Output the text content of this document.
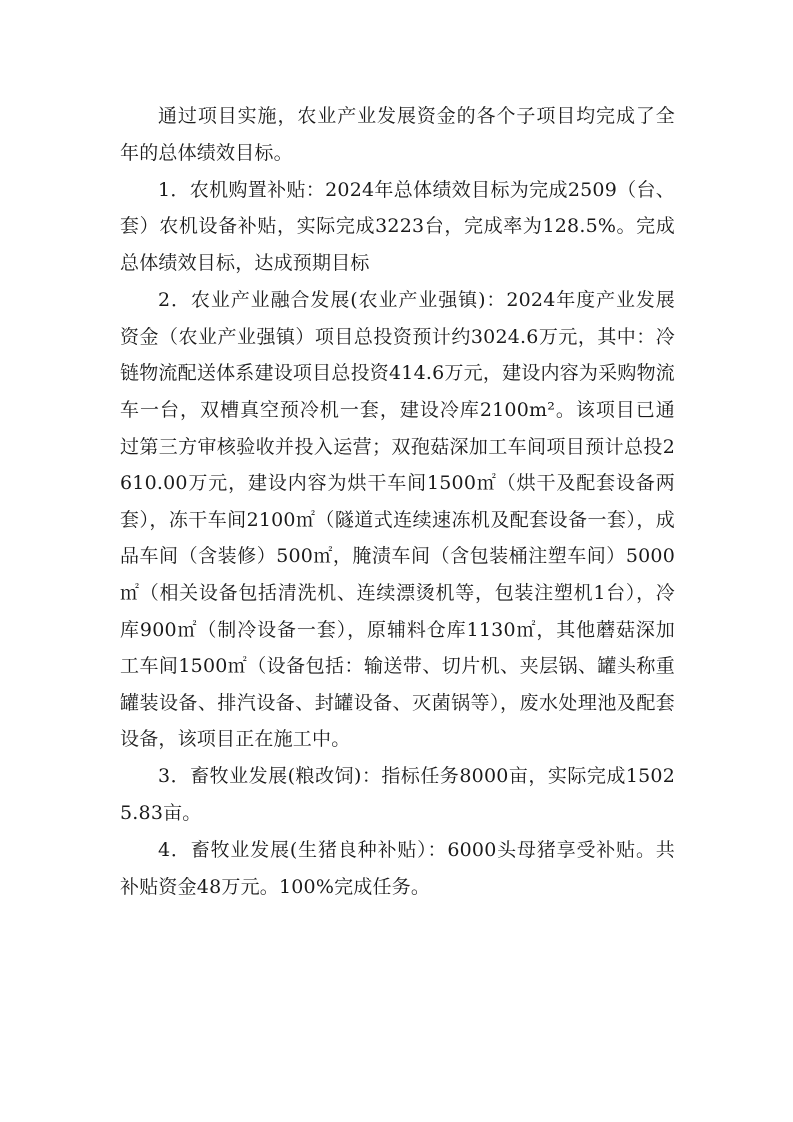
通过项目实施，农业产业发展资金的各个子项目均完成了全年的总体绩效目标。

1．农机购置补贴：2024年总体绩效目标为完成2509（台、套）农机设备补贴，实际完成3223台，完成率为128.5%。完成总体绩效目标，达成预期目标

2．农业产业融合发展(农业产业强镇)：2024年度产业发展资金（农业产业强镇）项目总投资预计约3024.6万元，其中：冷链物流配送体系建设项目总投资414.6万元，建设内容为采购物流车一台，双槽真空预冷机一套，建设冷库2100m²。该项目已通过第三方审核验收并投入运营；双孢菇深加工车间项目预计总投2610.00万元，建设内容为烘干车间1500㎡（烘干及配套设备两套），冻干车间2100㎡（隧道式连续速冻机及配套设备一套），成品车间（含装修）500㎡，腌渍车间（含包装桶注塑车间）5000㎡（相关设备包括清洗机、连续漂烫机等，包装注塑机1台），冷库900㎡（制冷设备一套），原辅料仓库1130㎡，其他蘑菇深加工车间1500㎡（设备包括：输送带、切片机、夹层锅、罐头称重罐装设备、排汽设备、封罐设备、灭菌锅等），废水处理池及配套设备，该项目正在施工中。

3．畜牧业发展(粮改饲)：指标任务8000亩，实际完成15025.83亩。

4．畜牧业发展(生猪良种补贴）：6000头母猪享受补贴。共补贴资金48万元。100%完成任务。
